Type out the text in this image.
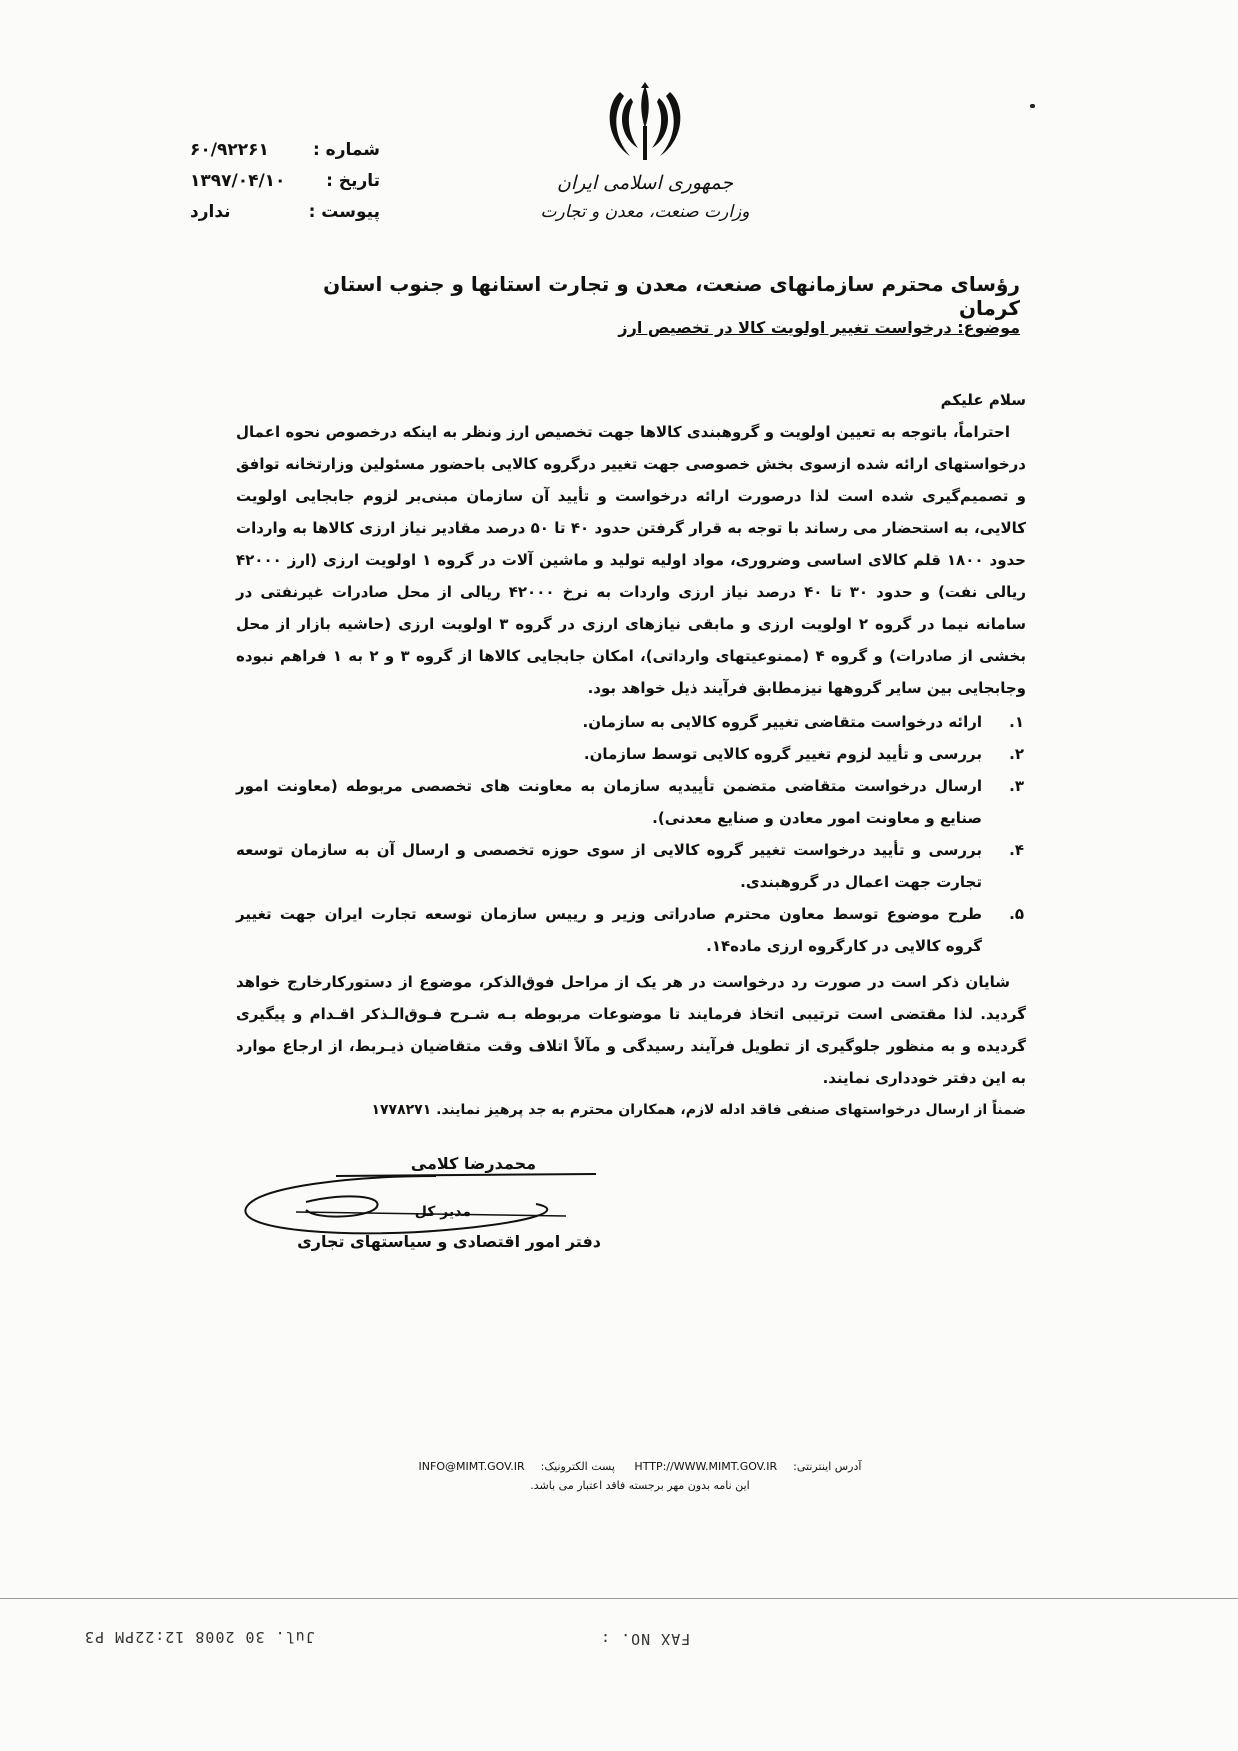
جمهوری اسلامی ایران
وزارت صنعت، معدن و تجارت
شماره :
۶۰/۹۲۲۶۱
تاریخ :
۱۳۹۷/۰۴/۱۰
پیوست :
ندارد
رؤسای محترم سازمانهای صنعت، معدن و تجارت استانها و جنوب استان کرمان
موضوع: درخواست تغییر اولویت کالا در تخصیص ارز

سلام علیکم

احتراماً، باتوجه به تعیین اولویت و گروهبندی کالاها جهت تخصیص ارز ونظر به اینکه درخصوص نحوه اعمال درخواستهای ارائه شده ازسوی بخش خصوصی جهت تغییر درگروه کالایی باحضور مسئولین وزارتخانه توافق و تصمیم‌گیری شده است لذا درصورت ارائه درخواست و تأیید آن سازمان مبنی‌بر لزوم جابجایی اولویت کالایی، به استحضار می رساند با توجه به قرار گرفتن حدود ۴۰ تا ۵۰ درصد مقادیر نیاز ارزی کالاها به واردات حدود ۱۸۰۰ قلم کالای اساسی وضروری، مواد اولیه تولید و ماشین آلات در گروه ۱ اولویت ارزی (ارز ۴۲۰۰۰ ریالی نفت) و حدود ۳۰ تا ۴۰ درصد نیاز ارزی واردات به نرخ ۴۲۰۰۰ ریالی از محل صادرات غیرنفتی در سامانه نیما در گروه ۲ اولویت ارزی و مابقی نیازهای ارزی در گروه ۳ اولویت ارزی (حاشیه بازار از محل بخشی از صادرات) و گروه ۴ (ممنوعیتهای وارداتی)، امکان جابجایی کالاها از گروه ۳ و ۲ به ۱ فراهم نبوده وجابجایی بین سایر گروهها نیزمطابق فرآیند ذیل خواهد بود.

۱.
ارائه درخواست متقاضی تغییر گروه کالایی به سازمان.
۲.
بررسی و تأیید لزوم تغییر گروه کالایی توسط سازمان.
۳.
ارسال درخواست متقاضی متضمن تأییدیه سازمان به معاونت های تخصصی مربوطه (معاونت امور صنایع و معاونت امور معادن و صنایع معدنی).
۴.
بررسی و تأیید درخواست تغییر گروه کالایی از سوی حوزه تخصصی و ارسال آن به سازمان توسعه تجارت جهت اعمال در گروهبندی.
۵.
طرح موضوع توسط معاون محترم صادراتی وزیر و رییس سازمان توسعه تجارت ایران جهت تغییر گروه کالایی در کارگروه ارزی ماده۱۴.

شایان ذکر است در صورت رد درخواست در هر یک از مراحل فوق‌الذکر، موضوع از دستورکارخارج خواهد گردید. لذا مقتضی است ترتیبی اتخاذ فرمایند تا موضوعات مربوطه بـه شـرح فـوق‌الـذکر اقـدام و پیگیری گردیده و به منظور جلوگیری از تطویل فرآیند رسیدگی و مآلاً اتلاف وقت متقاضیان ذیـربط، از ارجاع موارد به این دفتر خودداری نمایند.

ضمناً از ارسال درخواستهای صنفی فاقد ادله لازم، همکاران محترم به جد پرهیز نمایند. ۱۷۷۸۲۷۱

محمدرضا کلامی
مدیر کل
دفتر امور اقتصادی و سیاستهای تجاری
INFO@MIMT.GOV.IR پست الکترونیک: HTTP://WWW.MIMT.GOV.IR آدرس اینترنتی:
این نامه بدون مهر برجسته فاقد اعتبار می باشد.
Jul. 30 2008 12:22PM P3	FAX NO. :
